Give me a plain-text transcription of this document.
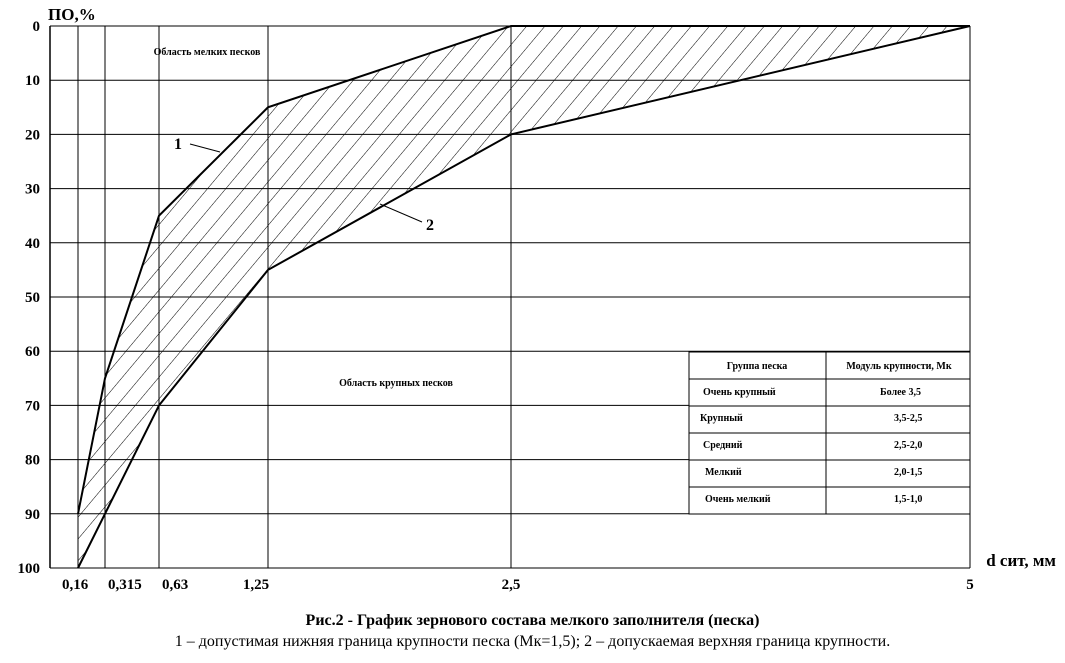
0
10
20
30
40
50
60
70
80
90
100
0,16 0,315 0,63	1,25	2,5	5
ПО,%
d сит, мм
Область мелких песков
Область крупных песков
1
2
Группа песка	Модуль крупности, Мк
Очень крупный	Более 3,5
Крупный	3,5-2,5
Средний	2,5-2,0
Мелкий	2,0-1,5
Очень мелкий	1,5-1,0
Рис.2 - График зернового состава мелкого заполнителя (песка)
1 – допустимая нижняя граница крупности песка (Мк=1,5); 2 – допускаемая верхняя граница крупности.
